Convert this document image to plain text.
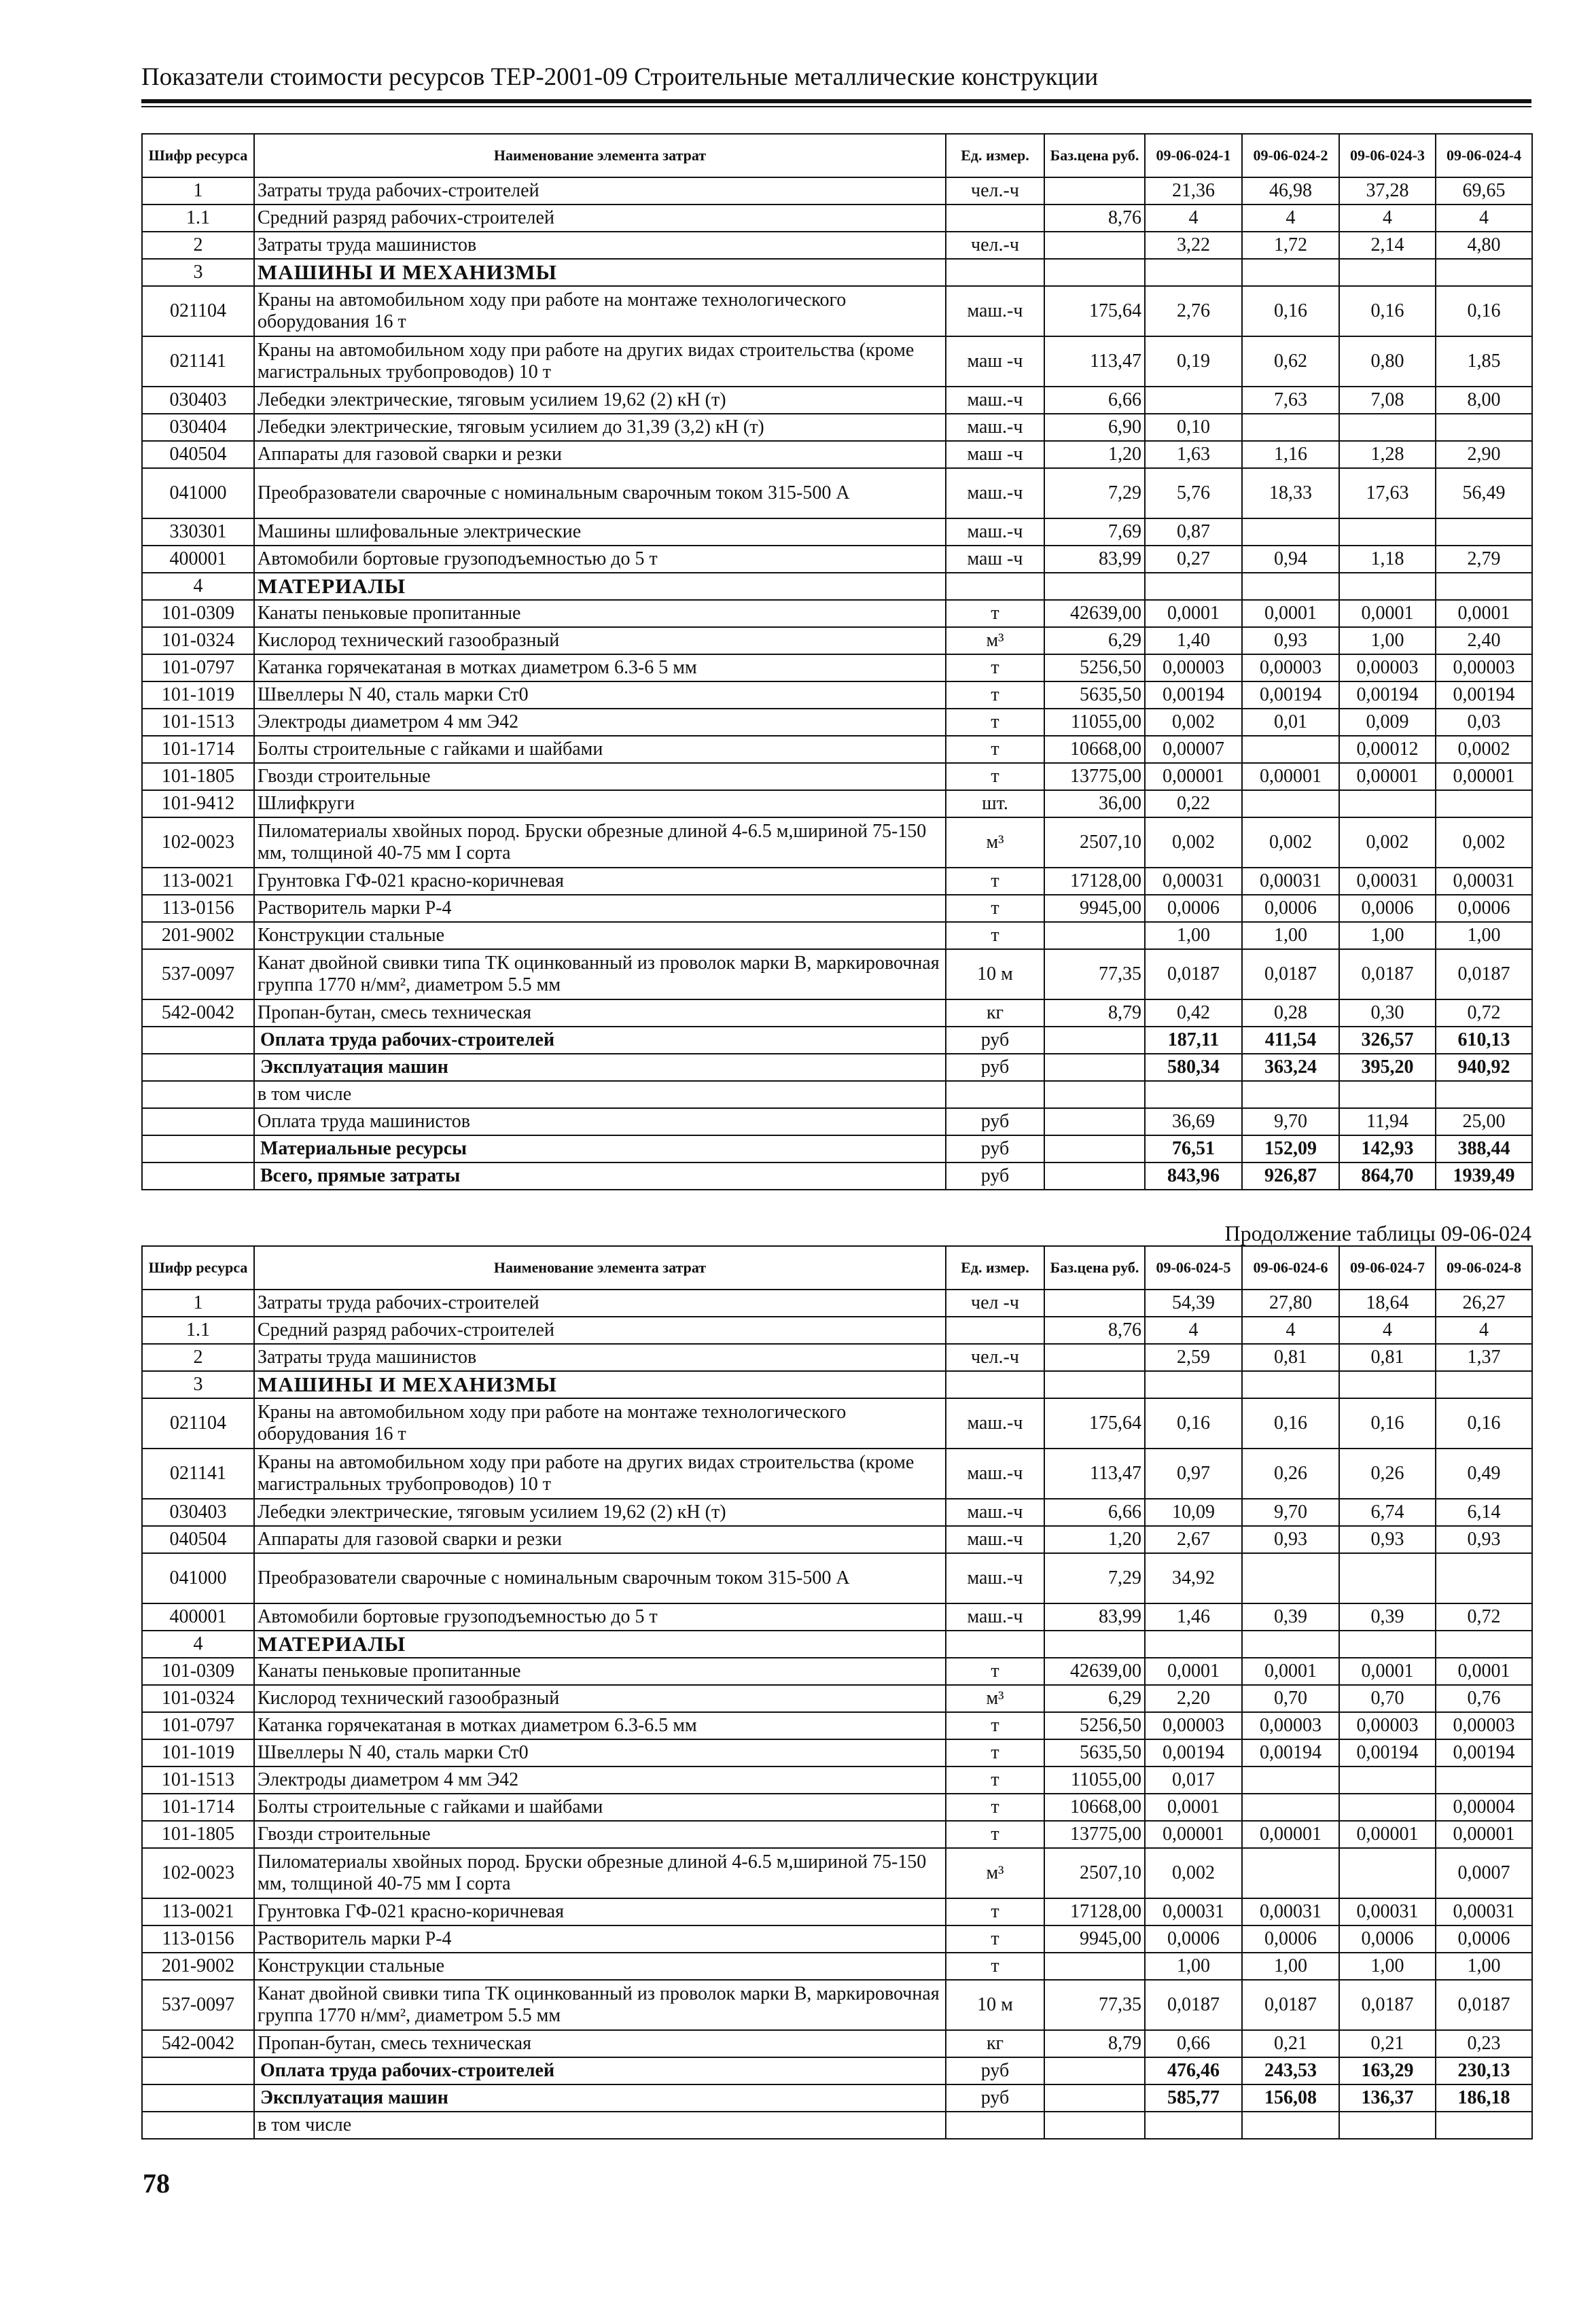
Показатели стоимости ресурсов ТЕР-2001-09 Строительные металлические конструкции
Шифр ресурса	Наименование элемента затрат	Ед. измер.	Баз.цена руб.	09-06-024-1	09-06-024-2	09-06-024-3	09-06-024-4
1	Затраты труда рабочих-строителей	чел.-ч		21,36	46,98	37,28	69,65
1.1	Средний разряд рабочих-строителей		8,76	4	4	4	4
2	Затраты труда машинистов	чел.-ч		3,22	1,72	2,14	4,80
3	МАШИНЫ И МЕХАНИЗМЫ						
021104	Краны на автомобильном ходу при работе на монтаже технологического оборудования 16 т	маш.-ч	175,64	2,76	0,16	0,16	0,16
021141	Краны на автомобильном ходу при работе на других видах строительства (кроме магистральных трубопроводов) 10 т	маш -ч	113,47	0,19	0,62	0,80	1,85
030403	Лебедки электрические, тяговым усилием 19,62 (2) кН (т)	маш.-ч	6,66		7,63	7,08	8,00
030404	Лебедки электрические, тяговым усилием до 31,39 (3,2) кН (т)	маш.-ч	6,90	0,10			
040504	Аппараты для газовой сварки и резки	маш -ч	1,20	1,63	1,16	1,28	2,90
041000	Преобразователи сварочные с номинальным сварочным током 315-500 А	маш.-ч	7,29	5,76	18,33	17,63	56,49
330301	Машины шлифовальные электрические	маш.-ч	7,69	0,87			
400001	Автомобили бортовые грузоподъемностью до 5 т	маш -ч	83,99	0,27	0,94	1,18	2,79
4	МАТЕРИАЛЫ						
101-0309	Канаты пеньковые пропитанные	т	42639,00	0,0001	0,0001	0,0001	0,0001
101-0324	Кислород технический газообразный	м³	6,29	1,40	0,93	1,00	2,40
101-0797	Катанка горячекатаная в мотках диаметром 6.3-6 5 мм	т	5256,50	0,00003	0,00003	0,00003	0,00003
101-1019	Швеллеры N 40, сталь марки Ст0	т	5635,50	0,00194	0,00194	0,00194	0,00194
101-1513	Электроды диаметром 4 мм Э42	т	11055,00	0,002	0,01	0,009	0,03
101-1714	Болты строительные с гайками и шайбами	т	10668,00	0,00007		0,00012	0,0002
101-1805	Гвозди строительные	т	13775,00	0,00001	0,00001	0,00001	0,00001
101-9412	Шлифкруги	шт.	36,00	0,22			
102-0023	Пиломатериалы хвойных пород. Бруски обрезные длиной 4-6.5 м,шириной 75-150 мм, толщиной 40-75 мм I сорта	м³	2507,10	0,002	0,002	0,002	0,002
113-0021	Грунтовка ГФ-021 красно-коричневая	т	17128,00	0,00031	0,00031	0,00031	0,00031
113-0156	Растворитель марки Р-4	т	9945,00	0,0006	0,0006	0,0006	0,0006
201-9002	Конструкции стальные	т		1,00	1,00	1,00	1,00
537-0097	Канат двойной свивки типа ТК оцинкованный из проволок марки В, маркировочная группа 1770 н/мм², диаметром 5.5 мм	10 м	77,35	0,0187	0,0187	0,0187	0,0187
542-0042	Пропан-бутан, смесь техническая	кг	8,79	0,42	0,28	0,30	0,72
	Оплата труда рабочих-строителей	руб		187,11	411,54	326,57	610,13
	Эксплуатация машин	руб		580,34	363,24	395,20	940,92
	в том числе						
	Оплата труда машинистов	руб		36,69	9,70	11,94	25,00
	Материальные ресурсы	руб		76,51	152,09	142,93	388,44
	Всего, прямые затраты	руб		843,96	926,87	864,70	1939,49
Продолжение таблицы 09-06-024
Шифр ресурса	Наименование элемента затрат	Ед. измер.	Баз.цена руб.	09-06-024-5	09-06-024-6	09-06-024-7	09-06-024-8
1	Затраты труда рабочих-строителей	чел -ч		54,39	27,80	18,64	26,27
1.1	Средний разряд рабочих-строителей		8,76	4	4	4	4
2	Затраты труда машинистов	чел.-ч		2,59	0,81	0,81	1,37
3	МАШИНЫ И МЕХАНИЗМЫ						
021104	Краны на автомобильном ходу при работе на монтаже технологического оборудования 16 т	маш.-ч	175,64	0,16	0,16	0,16	0,16
021141	Краны на автомобильном ходу при работе на других видах строительства (кроме магистральных трубопроводов) 10 т	маш.-ч	113,47	0,97	0,26	0,26	0,49
030403	Лебедки электрические, тяговым усилием 19,62 (2) кН (т)	маш.-ч	6,66	10,09	9,70	6,74	6,14
040504	Аппараты для газовой сварки и резки	маш.-ч	1,20	2,67	0,93	0,93	0,93
041000	Преобразователи сварочные с номинальным сварочным током 315-500 А	маш.-ч	7,29	34,92			
400001	Автомобили бортовые грузоподъемностью до 5 т	маш.-ч	83,99	1,46	0,39	0,39	0,72
4	МАТЕРИАЛЫ						
101-0309	Канаты пеньковые пропитанные	т	42639,00	0,0001	0,0001	0,0001	0,0001
101-0324	Кислород технический газообразный	м³	6,29	2,20	0,70	0,70	0,76
101-0797	Катанка горячекатаная в мотках диаметром 6.3-6.5 мм	т	5256,50	0,00003	0,00003	0,00003	0,00003
101-1019	Швеллеры N 40, сталь марки Ст0	т	5635,50	0,00194	0,00194	0,00194	0,00194
101-1513	Электроды диаметром 4 мм Э42	т	11055,00	0,017			
101-1714	Болты строительные с гайками и шайбами	т	10668,00	0,0001			0,00004
101-1805	Гвозди строительные	т	13775,00	0,00001	0,00001	0,00001	0,00001
102-0023	Пиломатериалы хвойных пород. Бруски обрезные длиной 4-6.5 м,шириной 75-150 мм, толщиной 40-75 мм I сорта	м³	2507,10	0,002			0,0007
113-0021	Грунтовка ГФ-021 красно-коричневая	т	17128,00	0,00031	0,00031	0,00031	0,00031
113-0156	Растворитель марки Р-4	т	9945,00	0,0006	0,0006	0,0006	0,0006
201-9002	Конструкции стальные	т		1,00	1,00	1,00	1,00
537-0097	Канат двойной свивки типа ТК оцинкованный из проволок марки В, маркировочная группа 1770 н/мм², диаметром 5.5 мм	10 м	77,35	0,0187	0,0187	0,0187	0,0187
542-0042	Пропан-бутан, смесь техническая	кг	8,79	0,66	0,21	0,21	0,23
	Оплата труда рабочих-строителей	руб		476,46	243,53	163,29	230,13
	Эксплуатация машин	руб		585,77	156,08	136,37	186,18
	в том числе						
78
